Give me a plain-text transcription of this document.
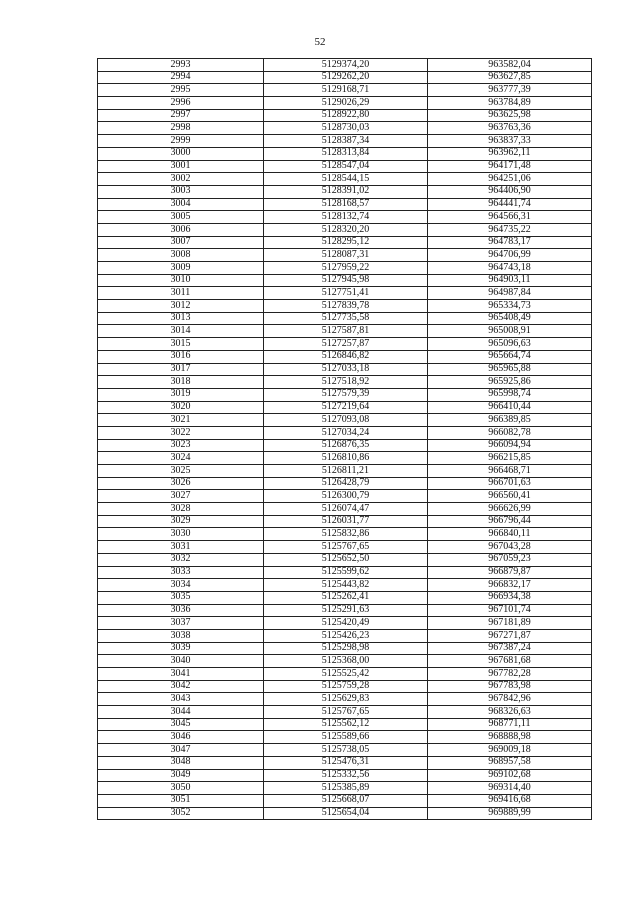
52
2993	5129374,20	963582,04
2994	5129262,20	963627,85
2995	5129168,71	963777,39
2996	5129026,29	963784,89
2997	5128922,80	963625,98
2998	5128730,03	963763,36
2999	5128387,34	963837,33
3000	5128313,84	963962,11
3001	5128547,04	964171,48
3002	5128544,15	964251,06
3003	5128391,02	964406,90
3004	5128168,57	964441,74
3005	5128132,74	964566,31
3006	5128320,20	964735,22
3007	5128295,12	964783,17
3008	5128087,31	964706,99
3009	5127959,22	964743,18
3010	5127945,98	964903,11
3011	5127751,41	964987,84
3012	5127839,78	965334,73
3013	5127735,58	965408,49
3014	5127587,81	965008,91
3015	5127257,87	965096,63
3016	5126846,82	965664,74
3017	5127033,18	965965,88
3018	5127518,92	965925,86
3019	5127579,39	965998,74
3020	5127219,64	966410,44
3021	5127093,08	966389,85
3022	5127034,24	966082,78
3023	5126876,35	966094,94
3024	5126810,86	966215,85
3025	5126811,21	966468,71
3026	5126428,79	966701,63
3027	5126300,79	966560,41
3028	5126074,47	966626,99
3029	5126031,77	966796,44
3030	5125832,86	966840,11
3031	5125767,65	967043,28
3032	5125652,50	967059,23
3033	5125599,62	966879,87
3034	5125443,82	966832,17
3035	5125262,41	966934,38
3036	5125291,63	967101,74
3037	5125420,49	967181,89
3038	5125426,23	967271,87
3039	5125298,98	967387,24
3040	5125368,00	967681,68
3041	5125525,42	967782,28
3042	5125759,28	967783,98
3043	5125629,83	967842,96
3044	5125767,65	968326,63
3045	5125562,12	968771,11
3046	5125589,66	968888,98
3047	5125738,05	969009,18
3048	5125476,31	968957,58
3049	5125332,56	969102,68
3050	5125385,89	969314,40
3051	5125668,07	969416,68
3052	5125654,04	969889,99
